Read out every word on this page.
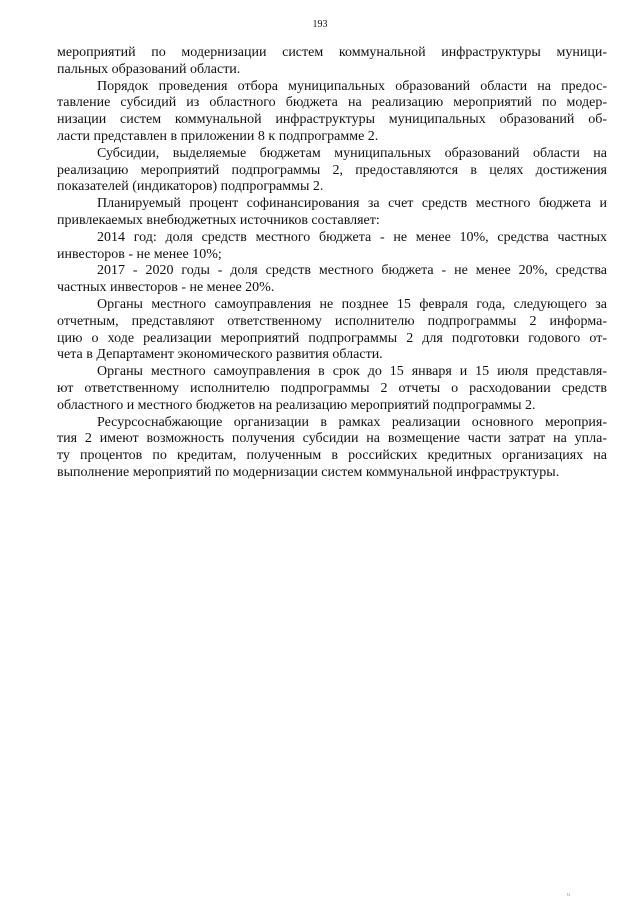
193
мероприятий по модернизации систем коммунальной инфраструктуры муници-
пальных образований области.
Порядок проведения отбора муниципальных образований области на предос-
тавление субсидий из областного бюджета на реализацию мероприятий по модер-
низации систем коммунальной инфраструктуры муниципальных образований об-
ласти представлен в приложении 8 к подпрограмме 2.
Субсидии, выделяемые бюджетам муниципальных образований области на
реализацию мероприятий подпрограммы 2, предоставляются в целях достижения
показателей (индикаторов) подпрограммы 2.
Планируемый процент софинансирования за счет средств местного бюджета и
привлекаемых внебюджетных источников составляет:
2014 год: доля средств местного бюджета - не менее 10%, средства частных
инвесторов - не менее 10%;
2017 - 2020 годы - доля средств местного бюджета - не менее 20%, средства
частных инвесторов - не менее 20%.
Органы местного самоуправления не позднее 15 февраля года, следующего за
отчетным, представляют ответственному исполнителю подпрограммы 2 информа-
цию о ходе реализации мероприятий подпрограммы 2 для подготовки годового от-
чета в Департамент экономического развития области.
Органы местного самоуправления в срок до 15 января и 15 июля представля-
ют ответственному исполнителю подпрограммы 2 отчеты о расходовании средств
областного и местного бюджетов на реализацию мероприятий подпрограммы 2.
Ресурсоснабжающие организации в рамках реализации основного мероприя-
тия 2 имеют возможность получения субсидии на возмещение части затрат на упла-
ту процентов по кредитам, полученным в российских кредитных организациях на
выполнение мероприятий по модернизации систем коммунальной инфраструктуры.
u
